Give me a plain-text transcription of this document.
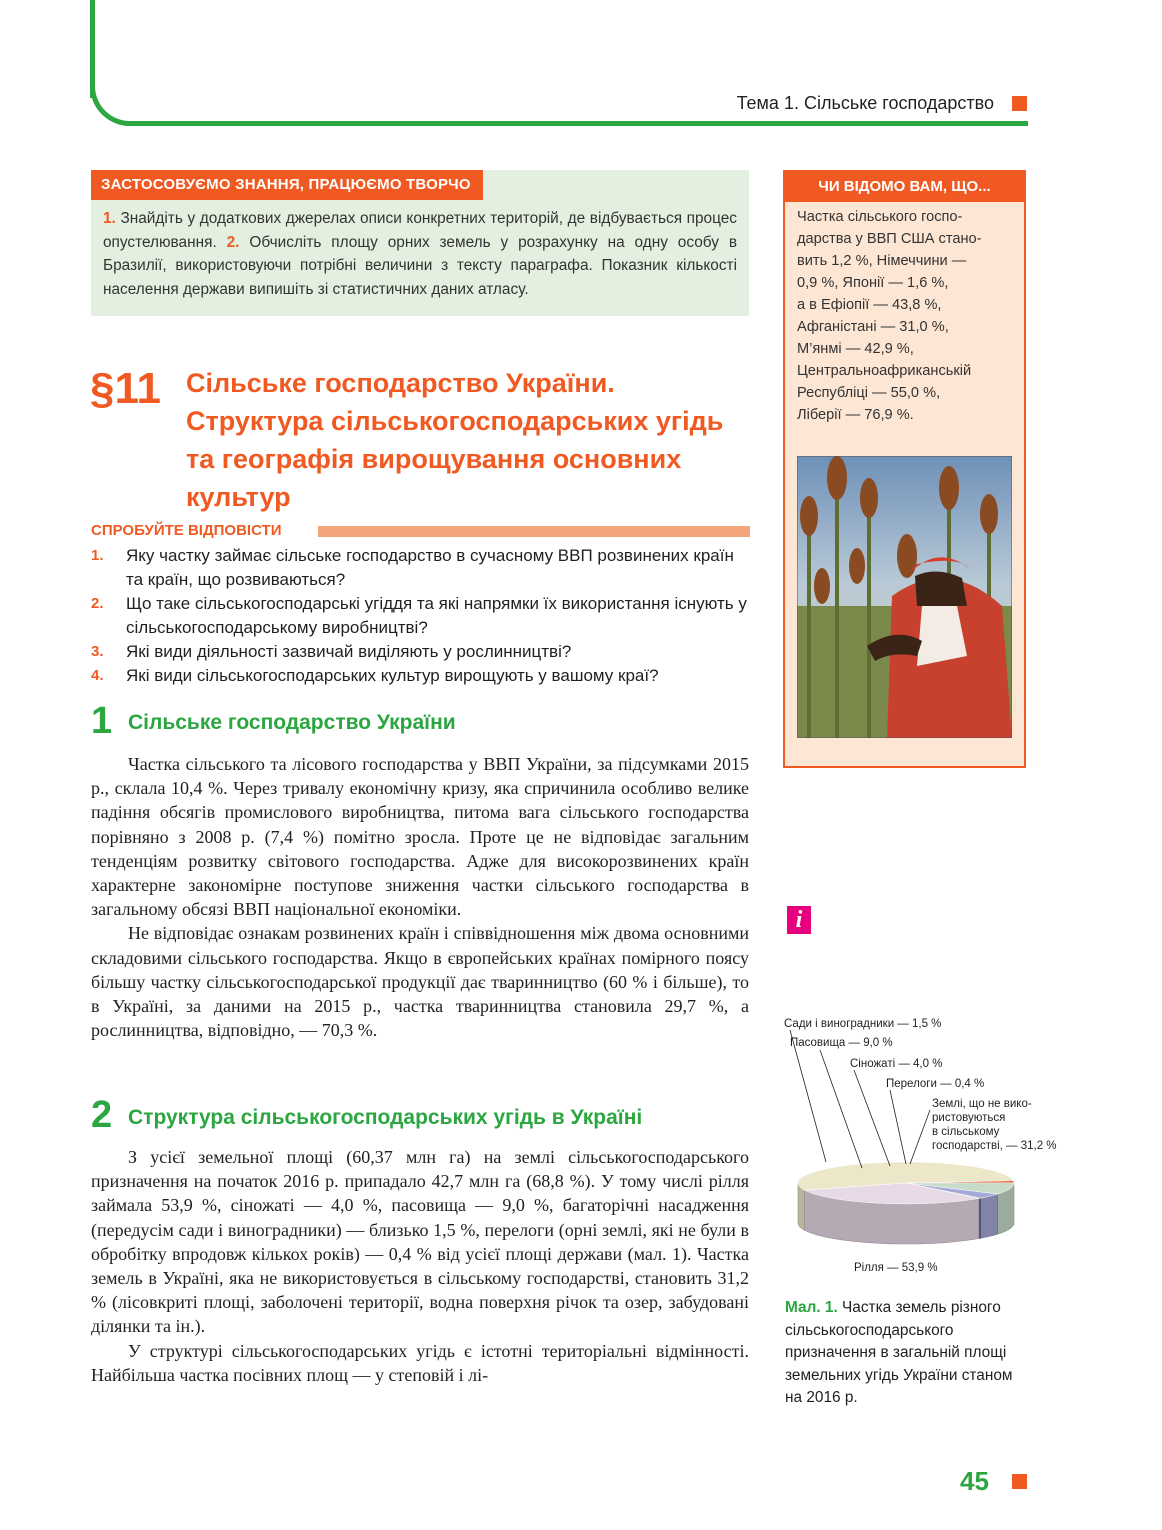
Тема 1. Сільське господарство
ЗАСТОСОВУЄМО ЗНАННЯ, ПРАЦЮЄМО ТВОРЧО
1. Знайдіть у додаткових джерелах описи конкретних територій, де відбувається процес опустелювання. 2. Обчисліть площу орних земель у розрахунку на одну особу в Бразилії, використовуючи потрібні величини з тексту параграфа. Показник кількості населення держави випишіть зі статистичних даних атласу.
ЧИ ВІДОМО ВАМ, ЩО...
Частка сільського госпо-
дарства у ВВП США стано-
вить 1,2 %, Німеччини —
0,9 %, Японії — 1,6 %,
а в Ефіопії — 43,8 %,
Афганістані — 31,0 %,
М’янмі — 42,9 %,
Центральноафриканській
Республіці — 55,0 %,
Ліберії — 76,9 %.
§11 Сільське господарство України. Структура сільськогосподарських угідь та географія вирощування основних культур
СПРОБУЙТЕ ВІДПОВІСТИ
1. Яку частку займає сільське господарство в сучасному ВВП розвинених країн та країн, що розвиваються?
2. Що таке сільськогосподарські угіддя та які напрямки їх використання існують у сільськогосподарському виробництві?
3. Які види діяльності зазвичай виділяють у рослинництві?
4. Які види сільськогосподарських культур вирощують у вашому краї?
1 Сільське господарство України

Частка сільського та лісового господарства у ВВП України, за підсумками 2015 р., склала 10,4 %. Через тривалу економічну кризу, яка спричинила особливо велике падіння обсягів промислового виробництва, питома вага сільського господарства порівняно з 2008 р. (7,4 %) помітно зросла. Проте це не відповідає загальним тенденціям розвитку світового господарства. Адже для високорозвинених країн характерне закономірне поступове зниження частки сільського господарства в загальному обсязі ВВП національної економіки.

Не відповідає ознакам розвинених країн і співвідношення між двома основними складовими сільського господарства. Якщо в європейських країнах помірного поясу більшу частку сільськогосподарської продукції дає тваринництво (60 % і більше), то в Україні, за даними на 2015 р., частка тваринництва становила 29,7 %, а рослинництва, відповідно, — 70,3 %.

i
2 Структура сільськогосподарських угідь в Україні

З усієї земельної площі (60,37 млн га) на землі сільськогосподарського призначення на початок 2016 р. припадало 42,7 млн га (68,8 %). У тому числі рілля займала 53,9 %, сіножаті — 4,0 %, пасовища — 9,0 %, багаторічні насадження (передусім сади і виноградники) — близько 1,5 %, перелоги (орні землі, які не були в обробітку впродовж кількох років) — 0,4 % від усієї площі держави (мал. 1). Частка земель в Україні, яка не використовується в сільському господарстві, становить 31,2 % (лісовкриті площі, заболочені території, водна поверхня річок та озер, забудовані ділянки та ін.).

У структурі сільськогосподарських угідь є істотні територіальні відмінності. Найбільша частка посівних площ — у степовій і лі-

Сади і виноградники — 1,5 %
Пасовища — 9,0 %
Сіножаті — 4,0 %
Перелоги — 0,4 %
Землі, що не вико-ристовуються в сільському господарстві, — 31,2 %
Рілля — 53,9 %
Мал. 1. Частка земель різного сільськогосподарського призначення в загальній площі земельних угідь України станом на 2016 р.
45
